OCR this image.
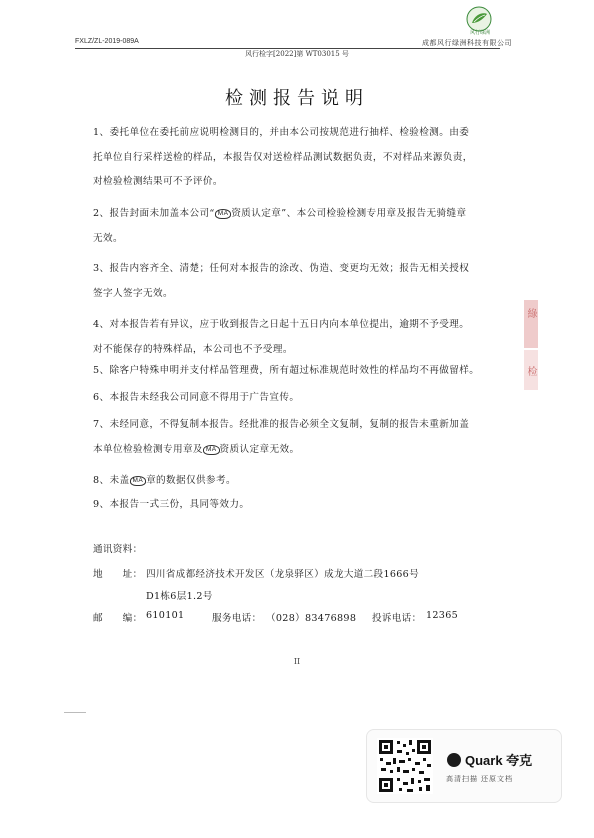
FXLZ/ZL-2019-089A
风行绿洲
成都风行绿洲科技有限公司
风行检字[2022]第 WT03015 号
检测报告说明
1、委托单位在委托前应说明检测目的，并由本公司按规范进行抽样、检验检测。由委
托单位自行采样送检的样品，本报告仅对送检样品测试数据负责，不对样品来源负责，
对检验检测结果可不予评价。
2、报告封面未加盖本公司“ MA 资质认定章”、本公司检验检测专用章及报告无骑缝章
无效。
3、报告内容齐全、清楚；任何对本报告的涂改、伪造、变更均无效；报告无相关授权
签字人签字无效。
4、对本报告若有异议，应于收到报告之日起十五日内向本单位提出，逾期不予受理。
对不能保存的特殊样品，本公司也不予受理。
5、除客户特殊申明并支付样品管理费，所有超过标准规范时效性的样品均不再做留样。
6、本报告未经我公司同意不得用于广告宣传。
7、未经同意，不得复制本报告。经批准的报告必须全文复制，复制的报告未重新加盖
本单位检验检测专用章及 MA 资质认定章无效。
8、未盖 MA 章的数据仅供参考。
9、本报告一式三份，具同等效力。
通讯资料：
地　　址： 四川省成都经济技术开发区（龙泉驿区）成龙大道二段1666号
D1栋6层1.2号
邮　　编： 610101	服务电话： （028）83476898 投诉电话： 12365
II
綠
检
Quark 夸克
高清扫描 还原文档
